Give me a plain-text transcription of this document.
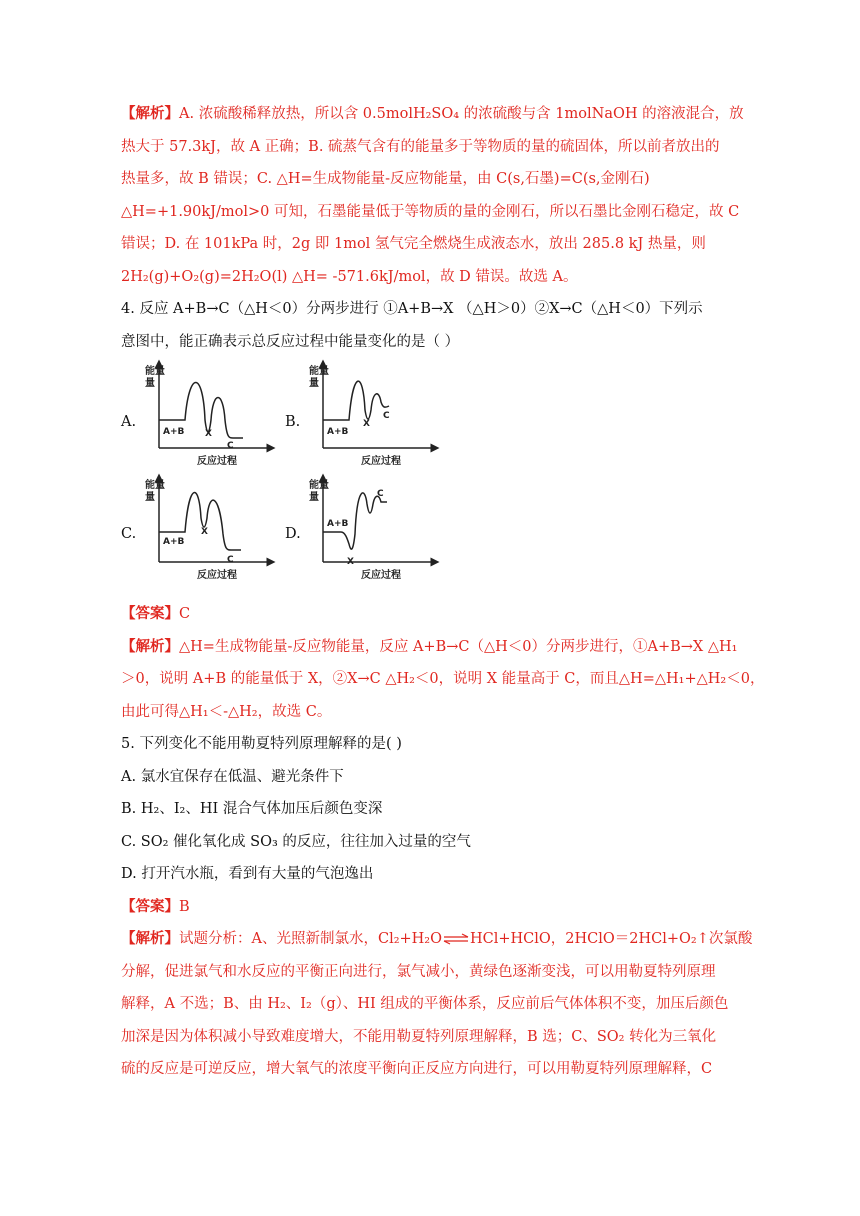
【解析】A. 浓硫酸稀释放热，所以含 0.5molH₂SO₄ 的浓硫酸与含 1molNaOH 的溶液混合，放
热大于 57.3kJ，故 A 正确；B. 硫蒸气含有的能量多于等物质的量的硫固体，所以前者放出的
热量多，故 B 错误；C. △H=生成物能量-反应物能量，由 C(s,石墨)=C(s,金刚石)
△H=+1.90kJ/mol>0 可知，石墨能量低于等物质的量的金刚石，所以石墨比金刚石稳定，故 C
错误；D. 在 101kPa 时，2g 即 1mol 氢气完全燃烧生成液态水，放出 285.8 kJ 热量，则
2H₂(g)+O₂(g)=2H₂O(l) △H= -571.6kJ/mol，故 D 错误。故选 A。
4. 反应 A+B→C（△H＜0）分两步进行 ①A+B→X （△H＞0）②X→C（△H＜0）下列示
意图中，能正确表示总反应过程中能量变化的是（ ）
A.	B.
C.	D.
能量
量
A+B X
C
反应过程
能量
量
A+B
X
C
反应过程
能量
量
A+B
X
C
反应过程
能量
量
A+B
X
C
反应过程
【答案】C
【解析】△H=生成物能量-反应物能量，反应 A+B→C（△H＜0）分两步进行，①A+B→X △H₁
＞0，说明 A+B 的能量低于 X，②X→C △H₂＜0，说明 X 能量高于 C，而且△H=△H₁+△H₂＜0，
由此可得△H₁＜-△H₂，故选 C。
5. 下列变化不能用勒夏特列原理解释的是( )
A. 氯水宜保存在低温、避光条件下
B. H₂、I₂、HI 混合气体加压后颜色变深
C. SO₂ 催化氧化成 SO₃ 的反应，往往加入过量的空气
D. 打开汽水瓶，看到有大量的气泡逸出
【答案】B
【解析】试题分析：A、光照新制氯水，Cl₂+H₂O⇌HCl+HClO，2HClO＝2HCl+O₂↑次氯酸
分解，促进氯气和水反应的平衡正向进行，氯气减小，黄绿色逐渐变浅，可以用勒夏特列原理
解释，A 不选；B、由 H₂、I₂（g）、HI 组成的平衡体系，反应前后气体体积不变，加压后颜色
加深是因为体积减小导致难度增大，不能用勒夏特列原理解释，B 选；C、SO₂ 转化为三氧化
硫的反应是可逆反应，增大氧气的浓度平衡向正反应方向进行，可以用勒夏特列原理解释，C
